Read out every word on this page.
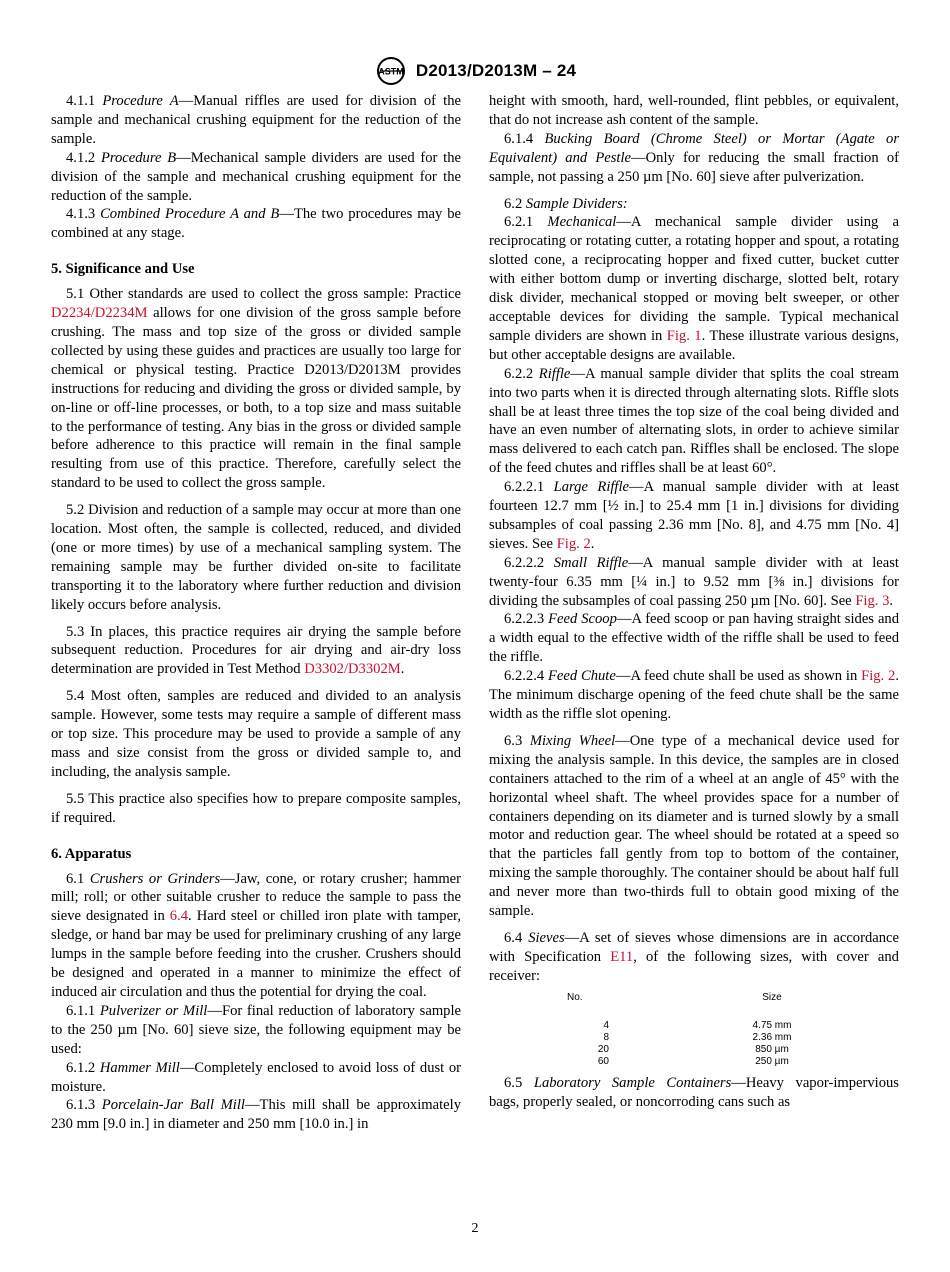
ASTM D2013/D2013M – 24

4.1.1 Procedure A—Manual riffles are used for division of the sample and mechanical crushing equipment for the reduction of the sample.

4.1.2 Procedure B—Mechanical sample dividers are used for the division of the sample and mechanical crushing equipment for the reduction of the sample.

4.1.3 Combined Procedure A and B—The two procedures may be combined at any stage.

5. Significance and Use

5.1 Other standards are used to collect the gross sample: Practice D2234/D2234M allows for one division of the gross sample before crushing. The mass and top size of the gross or divided sample collected by using these guides and practices are usually too large for chemical or physical testing. Practice D2013/D2013M provides instructions for reducing and dividing the gross or divided sample, by on-line or off-line processes, or both, to a top size and mass suitable to the performance of testing. Any bias in the gross or divided sample before adherence to this practice will remain in the final sample resulting from use of this practice. Therefore, carefully select the standard to be used to collect the gross sample.

5.2 Division and reduction of a sample may occur at more than one location. Most often, the sample is collected, reduced, and divided (one or more times) by use of a mechanical sampling system. The remaining sample may be further divided on-site to facilitate transporting it to the laboratory where further reduction and division likely occurs before analysis.

5.3 In places, this practice requires air drying the sample before subsequent reduction. Procedures for air drying and air-dry loss determination are provided in Test Method D3302/D3302M.

5.4 Most often, samples are reduced and divided to an analysis sample. However, some tests may require a sample of different mass or top size. This procedure may be used to provide a sample of any mass and size consist from the gross or divided sample to, and including, the analysis sample.

5.5 This practice also specifies how to prepare composite samples, if required.

6. Apparatus

6.1 Crushers or Grinders—Jaw, cone, or rotary crusher; hammer mill; roll; or other suitable crusher to reduce the sample to pass the sieve designated in 6.4. Hard steel or chilled iron plate with tamper, sledge, or hand bar may be used for preliminary crushing of any large lumps in the sample before feeding into the crusher. Crushers should be designed and operated in a manner to minimize the effect of induced air circulation and thus the potential for drying the coal.

6.1.1 Pulverizer or Mill—For final reduction of laboratory sample to the 250 µm [No. 60] sieve size, the following equipment may be used:

6.1.2 Hammer Mill—Completely enclosed to avoid loss of dust or moisture.

6.1.3 Porcelain-Jar Ball Mill—This mill shall be approximately 230 mm [9.0 in.] in diameter and 250 mm [10.0 in.] in

height with smooth, hard, well-rounded, flint pebbles, or equivalent, that do not increase ash content of the sample.

6.1.4 Bucking Board (Chrome Steel) or Mortar (Agate or Equivalent) and Pestle—Only for reducing the small fraction of sample, not passing a 250 µm [No. 60] sieve after pulverization.

6.2 Sample Dividers:

6.2.1 Mechanical—A mechanical sample divider using a reciprocating or rotating cutter, a rotating hopper and spout, a rotating slotted cone, a reciprocating hopper and fixed cutter, bucket cutter with either bottom dump or inverting discharge, slotted belt, rotary disk divider, mechanical stopped or moving belt sweeper, or other acceptable devices for dividing the sample. Typical mechanical sample dividers are shown in Fig. 1. These illustrate various designs, but other acceptable designs are available.

6.2.2 Riffle—A manual sample divider that splits the coal stream into two parts when it is directed through alternating slots. Riffle slots shall be at least three times the top size of the coal being divided and have an even number of alternating slots, in order to achieve similar mass delivered to each catch pan. Riffles shall be enclosed. The slope of the feed chutes and riffles shall be at least 60°.

6.2.2.1 Large Riffle—A manual sample divider with at least fourteen 12.7 mm [½ in.] to 25.4 mm [1 in.] divisions for dividing subsamples of coal passing 2.36 mm [No. 8], and 4.75 mm [No. 4] sieves. See Fig. 2.

6.2.2.2 Small Riffle—A manual sample divider with at least twenty-four 6.35 mm [¼ in.] to 9.52 mm [⅜ in.] divisions for dividing the subsamples of coal passing 250 µm [No. 60]. See Fig. 3.

6.2.2.3 Feed Scoop—A feed scoop or pan having straight sides and a width equal to the effective width of the riffle shall be used to feed the riffle.

6.2.2.4 Feed Chute—A feed chute shall be used as shown in Fig. 2. The minimum discharge opening of the feed chute shall be the same width as the riffle slot opening.

6.3 Mixing Wheel—One type of a mechanical device used for mixing the analysis sample. In this device, the samples are in closed containers attached to the rim of a wheel at an angle of 45° with the horizontal wheel shaft. The wheel provides space for a number of containers depending on its diameter and is turned slowly by a small motor and reduction gear. The wheel should be rotated at a speed so that the particles fall gently from top to bottom of the container, mixing the sample thoroughly. The container should be about half full and never more than two-thirds full to obtain good mixing of the sample.

6.4 Sieves—A set of sieves whose dimensions are in accordance with Specification E11, of the following sizes, with cover and receiver:

No.	Size
4	4.75 mm
8	2.36 mm
20	850 µm
60	250 µm

6.5 Laboratory Sample Containers—Heavy vapor-impervious bags, properly sealed, or noncorroding cans such as

2
